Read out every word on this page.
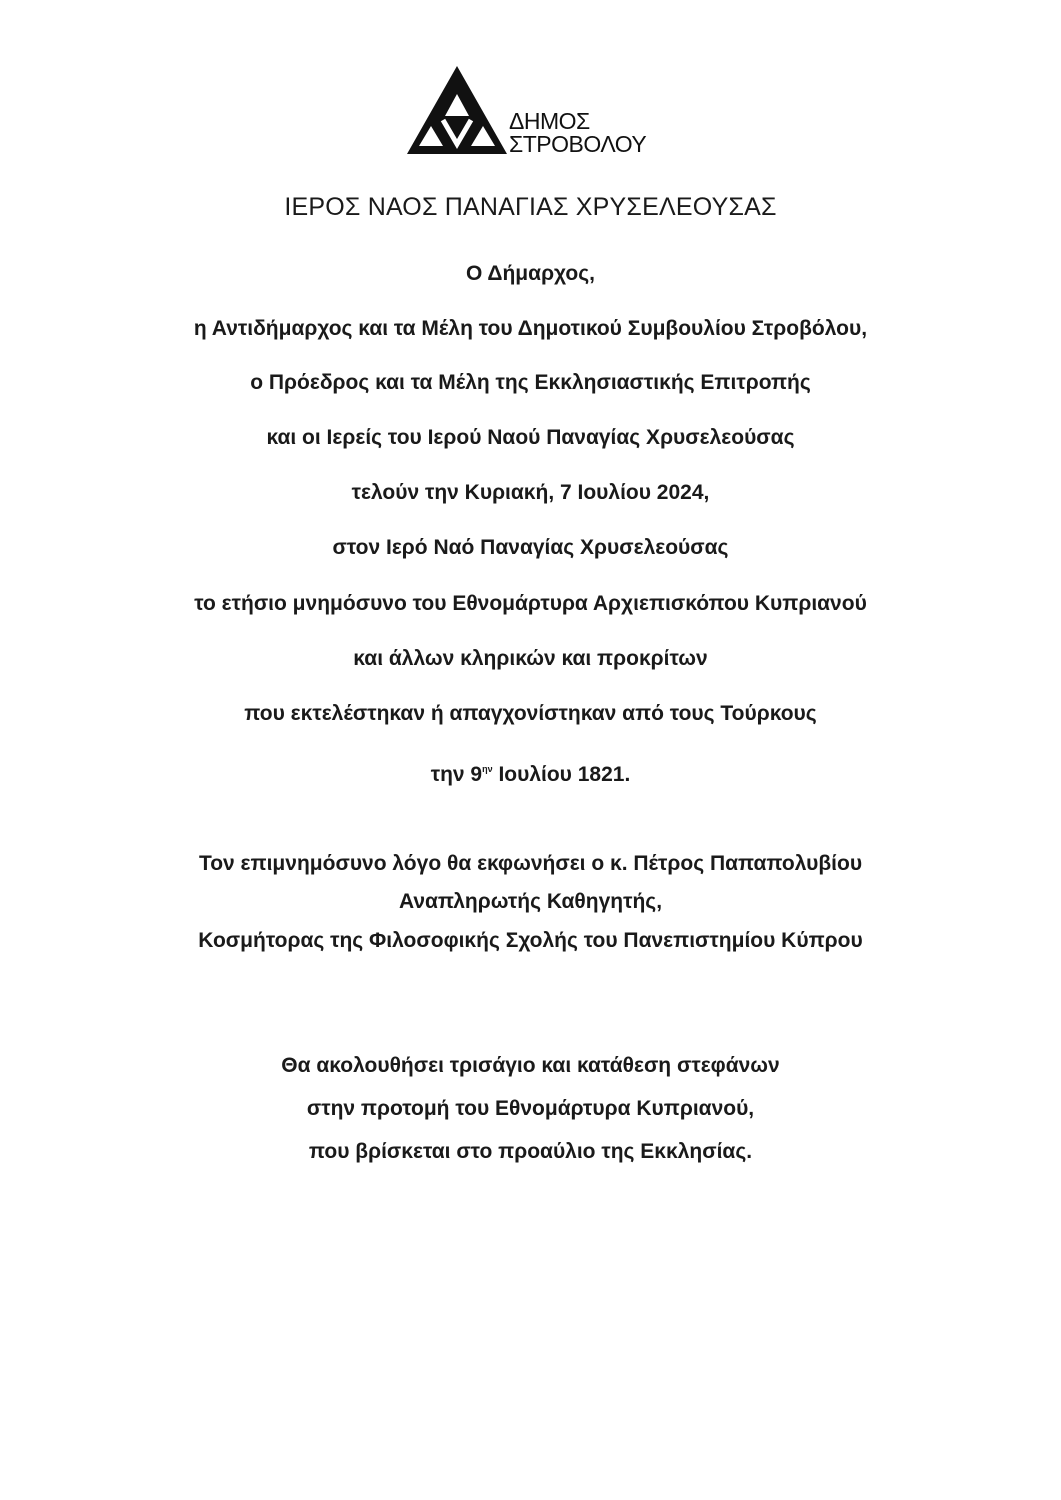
ΔΗΜΟΣ
ΣΤΡΟΒΟΛΟΥ
ΙΕΡΟΣ ΝΑΟΣ ΠΑΝΑΓΙΑΣ ΧΡΥΣΕΛΕΟΥΣΑΣ
Ο Δήμαρχος,
η Αντιδήμαρχος και τα Μέλη του Δημοτικού Συμβουλίου Στροβόλου,
ο Πρόεδρος και τα Μέλη της Εκκλησιαστικής Επιτροπής
και οι Ιερείς του Ιερού Ναού Παναγίας Χρυσελεούσας
τελούν την Κυριακή, 7 Ιουλίου 2024,
στον Ιερό Ναό Παναγίας Χρυσελεούσας
το ετήσιο μνημόσυνο του Εθνομάρτυρα Αρχιεπισκόπου Κυπριανού
και άλλων κληρικών και προκρίτων
που εκτελέστηκαν ή απαγχονίστηκαν από τους Τούρκους
την $9^{\eta\nu}$ Ιουλίου 1821.
Τον επιμνημόσυνο λόγο θα εκφωνήσει ο κ. Πέτρος Παπαπολυβίου
Αναπληρωτής Καθηγητής,
Κοσμήτορας της Φιλοσοφικής Σχολής του Πανεπιστημίου Κύπρου
Θα ακολουθήσει τρισάγιο και κατάθεση στεφάνων
στην προτομή του Εθνομάρτυρα Κυπριανού,
που βρίσκεται στο προαύλιο της Εκκλησίας.
